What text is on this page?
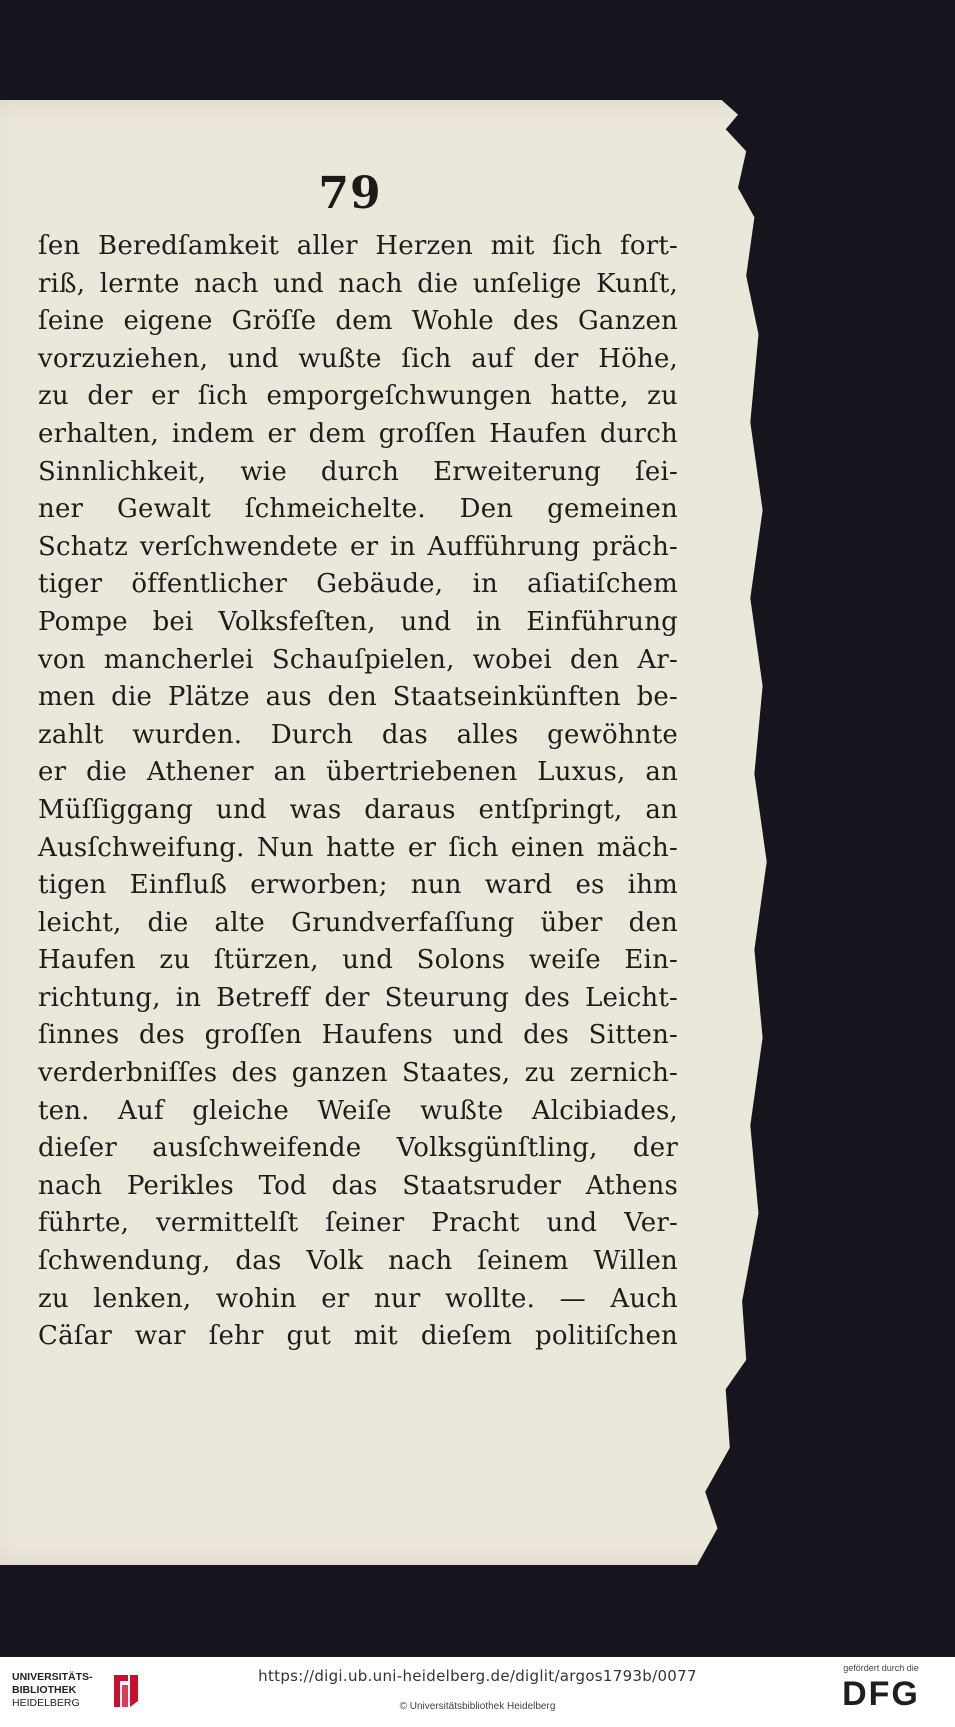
79
ſen Beredſamkeit aller Herzen mit ſich fort-
riß, lernte nach und nach die unſelige Kunſt,
ſeine eigene Gröſſe dem Wohle des Ganzen
vorzuziehen, und wußte ſich auf der Höhe,
zu der er ſich emporgeſchwungen hatte, zu
erhalten, indem er dem groſſen Haufen durch
Sinnlichkeit, wie durch Erweiterung ſei-
ner Gewalt ſchmeichelte. Den gemeinen
Schatz verſchwendete er in Aufführung präch-
tiger öffentlicher Gebäude, in aſiatiſchem
Pompe bei Volksfeſten, und in Einführung
von mancherlei Schauſpielen, wobei den Ar-
men die Plätze aus den Staatseinkünften be-
zahlt wurden. Durch das alles gewöhnte
er die Athener an übertriebenen Luxus, an
Müſſiggang und was daraus entſpringt, an
Ausſchweifung. Nun hatte er ſich einen mäch-
tigen Einfluß erworben; nun ward es ihm
leicht, die alte Grundverfaſſung über den
Haufen zu ſtürzen, und Solons weiſe Ein-
richtung, in Betreff der Steurung des Leicht-
ſinnes des groſſen Haufens und des Sitten-
verderbniſſes des ganzen Staates, zu zernich-
ten. Auf gleiche Weiſe wußte Alcibiades,
dieſer ausſchweifende Volksgünſtling, der
nach Perikles Tod das Staatsruder Athens
führte, vermittelſt ſeiner Pracht und Ver-
ſchwendung, das Volk nach ſeinem Willen
zu lenken, wohin er nur wollte. — Auch
Cäſar war ſehr gut mit dieſem politiſchen
UNIVERSITÄTS-
BIBLIOTHEK
HEIDELBERG
https://digi.ub.uni-heidelberg.de/diglit/argos1793b/0077
© Universitätsbibliothek Heidelberg
gefördert durch die
DFG
